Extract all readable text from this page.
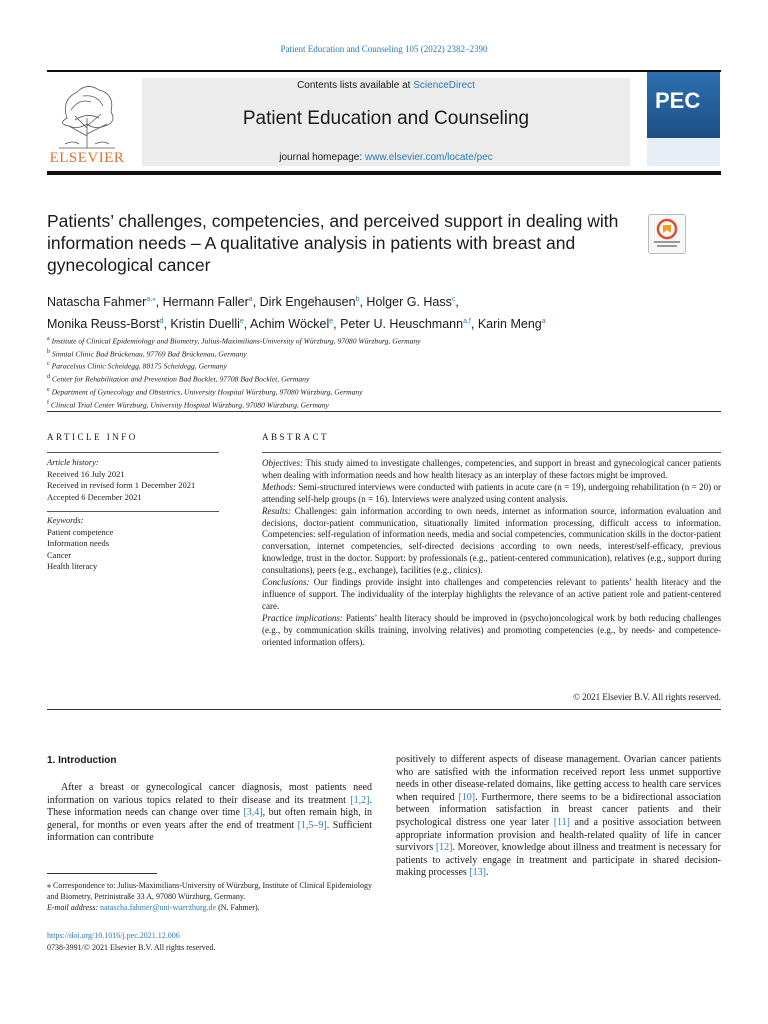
Patient Education and Counseling 105 (2022) 2382–2390
ELSEVIER
Contents lists available at ScienceDirect
Patient Education and Counseling
journal homepage: www.elsevier.com/locate/pec
PEC
Patients’ challenges, competencies, and perceived support in dealing with information needs – A qualitative analysis in patients with breast and gynecological cancer
Natascha Fahmer$^{a,⁎}$, Hermann Faller$^a$, Dirk Engehausen$^b$, Holger G. Hass$^c$,
Monika Reuss-Borst$^d$, Kristin Duelli$^e$, Achim Wöckel$^e$, Peter U. Heuschmann$^{a,f}$, Karin Meng$^a$
$^a$ Institute of Clinical Epidemiology and Biometry, Julius-Maximilians-University of Würzburg, 97080 Würzburg, Germany
$^b$ Sinntal Clinic Bad Brückenau, 97769 Bad Brückenau, Germany
$^c$ Paracelsus Clinic Scheidegg, 88175 Scheidegg, Germany
$^d$ Center for Rehabilitation and Prevention Bad Bocklet, 97708 Bad Bocklet, Germany
$^e$ Department of Gynecology and Obstetrics, University Hospital Würzburg, 97080 Würzburg, Germany
$^f$ Clinical Trial Center Würzburg, University Hospital Würzburg, 97080 Würzburg, Germany
ARTICLE INFO
Article history:
Received 16 July 2021
Received in revised form 1 December 2021
Accepted 6 December 2021
Keywords:
Patient competence
Information needs
Cancer
Health literacy
ABSTRACT

Objectives: This study aimed to investigate challenges, competencies, and support in breast and gynecological cancer patients when dealing with information needs and how health literacy as an interplay of these factors might be improved.

Methods: Semi-structured interviews were conducted with patients in acute care (n = 19), undergoing rehabilitation (n = 20) or attending self-help groups (n = 16). Interviews were analyzed using content analysis.

Results: Challenges: gain information according to own needs, internet as information source, information evaluation and decisions, doctor-patient communication, situationally limited information processing, difficult access to information. Competencies: self-regulation of information needs, media and social competencies, communication skills in the doctor-patient conversation, internet competencies, self-directed decisions according to own needs, interest/self-efficacy, previous knowledge, trust in the doctor. Support: by professionals (e.g., patient-centered communication), relatives (e.g., support during consultations), peers (e.g., exchange), facilities (e.g., clinics).

Conclusions: Our findings provide insight into challenges and competencies relevant to patients’ health literacy and the influence of support. The individuality of the interplay highlights the relevance of an active patient role and patient-centered care.

Practice implications: Patients’ health literacy should be improved in (psycho)oncological work by both reducing challenges (e.g., by communication skills training, involving relatives) and promoting competencies (e.g., by needs- and competence-oriented information offers).

© 2021 Elsevier B.V. All rights reserved.
1. Introduction

After a breast or gynecological cancer diagnosis, most patients need information on various topics related to their disease and its treatment [1,2]. These information needs can change over time [3,4], but often remain high, in general, for months or even years after the end of treatment [1,5–9]. Sufficient information can contribute

positively to different aspects of disease management. Ovarian cancer patients who are satisfied with the information received report less unmet supportive needs in other disease-related domains, like getting access to health care services when required [10]. Furthermore, there seems to be a bidirectional association between information satisfaction in breast cancer patients and their psychological distress one year later [11] and a positive association between appropriate information provision and health-related quality of life in cancer survivors [12]. Moreover, knowledge about illness and treatment is necessary for patients to actively engage in treatment and participate in shared decision-making processes [13].

⁎ Correspondence to: Julius-Maximilians-University of Würzburg, Institute of Clinical Epidemiology and Biometry, Petrinistraße 33 A, 97080 Würzburg, Germany.
E-mail address: natascha.fahmer@uni-wuerzburg.de (N. Fahmer).
https://doi.org/10.1016/j.pec.2021.12.006
0738-3991/© 2021 Elsevier B.V. All rights reserved.
